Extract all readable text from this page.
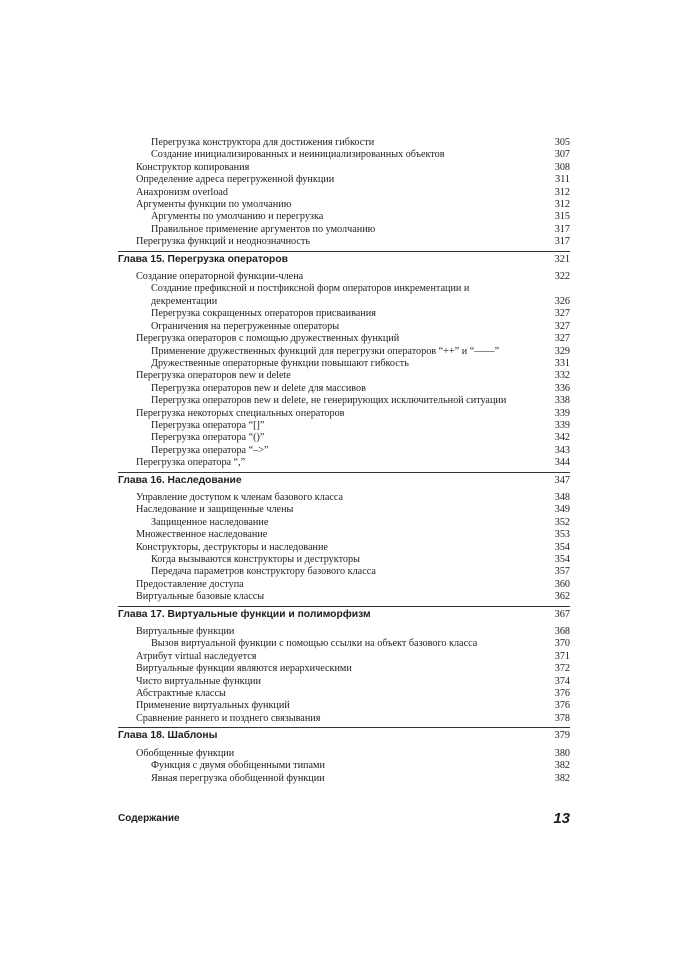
Перегрузка конструктора для достижения гибкости	305
Создание инициализированных и неинициализированных объектов	307
Конструктор копирования	308
Определение адреса перегруженной функции	311
Анахронизм overload	312
Аргументы функции по умолчанию	312
Аргументы по умолчанию и перегрузка	315
Правильное применение аргументов по умолчанию	317
Перегрузка функций и неоднозначность	317
Глава 15. Перегрузка операторов	321
Создание операторной функции-члена	322
Создание префиксной и постфиксной форм операторов инкрементации и декрементации	326
Перегрузка сокращенных операторов присваивания	327
Ограничения на перегруженные операторы	327
Перегрузка операторов с помощью дружественных функций	327
Применение дружественных функций для перегрузки операторов “++” и “——”	329
Дружественные операторные функции повышают гибкость	331
Перегрузка операторов new и delete	332
Перегрузка операторов new и delete для массивов	336
Перегрузка операторов new и delete, не генерирующих исключительной ситуации	338
Перегрузка некоторых специальных операторов	339
Перегрузка оператора “[]”	339
Перегрузка оператора “()”	342
Перегрузка оператора “–>”	343
Перегрузка оператора “,”	344
Глава 16. Наследование	347
Управление доступом к членам базового класса	348
Наследование и защищенные члены	349
Защищенное наследование	352
Множественное наследование	353
Конструкторы, деструкторы и наследование	354
Когда вызываются конструкторы и деструкторы	354
Передача параметров конструктору базового класса	357
Предоставление доступа	360
Виртуальные базовые классы	362
Глава 17. Виртуальные функции и полиморфизм	367
Виртуальные функции	368
Вызов виртуальной функции с помощью ссылки на объект базового класса	370
Атрибут virtual наследуется	371
Виртуальные функции являются иерархическими	372
Чисто виртуальные функции	374
Абстрактные классы	376
Применение виртуальных функций	376
Сравнение раннего и позднего связывания	378
Глава 18. Шаблоны	379
Обобщенные функции	380
Функция с двумя обобщенными типами	382
Явная перегрузка обобщенной функции	382
Содержание	13
